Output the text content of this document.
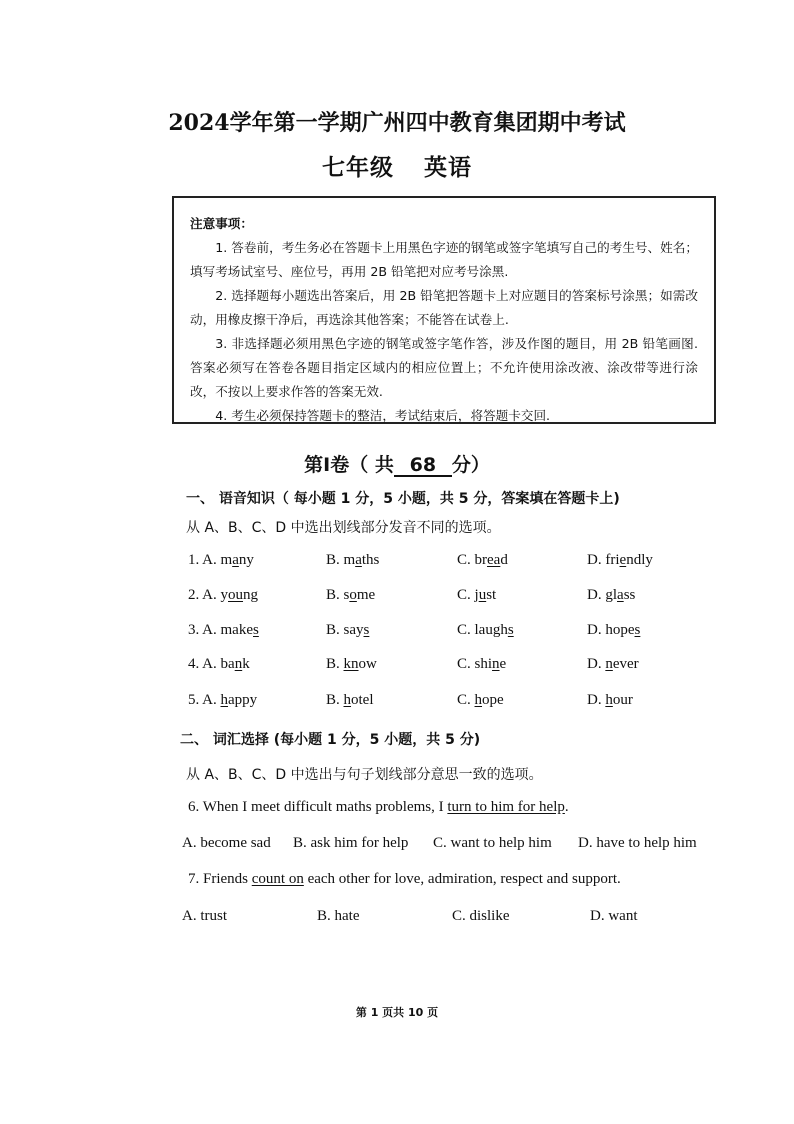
2024学年第一学期广州四中教育集团期中考试
七年级 英语
注意事项：

1. 答卷前，考生务必在答题卡上用黑色字迹的钢笔或签字笔填写自己的考生号、姓名；填写考场试室号、座位号，再用 2B 铅笔把对应考号涂黑.

2. 选择题每小题选出答案后，用 2B 铅笔把答题卡上对应题目的答案标号涂黑；如需改动，用橡皮擦干净后，再选涂其他答案；不能答在试卷上.

3. 非选择题必须用黑色字迹的钢笔或签字笔作答，涉及作图的题目，用 2B 铅笔画图. 答案必须写在答卷各题目指定区域内的相应位置上；不允许使用涂改液、涂改带等进行涂改，不按以上要求作答的答案无效.

4. 考生必须保持答题卡的整洁，考试结束后，将答题卡交回.

第Ⅰ卷（ 共 68 分）
一、 语音知识（ 每小题 1 分，5 小题，共 5 分，答案填在答题卡上)
从 A、B、C、D 中选出划线部分发音不同的选项。
1. A. many	B. maths	C. bread	D. friendly
2. A. young	B. some	C. just	D. glass
3. A. makes	B. says	C. laughs	D. hopes
4. A. bank	B. know	C. shine	D. never
5. A. happy	B. hotel	C. hope	D. hour
二、 词汇选择 (每小题 1 分，5 小题，共 5 分)
从 A、B、C、D 中选出与句子划线部分意思一致的选项。
6. When I meet difficult maths problems, I turn to him for help.
A. become sad B. ask him for help C. want to help him D. have to help him
7. Friends count on each other for love, admiration, respect and support.
A. trust	B. hate	C. dislike	D. want
第 1 页共 10 页
